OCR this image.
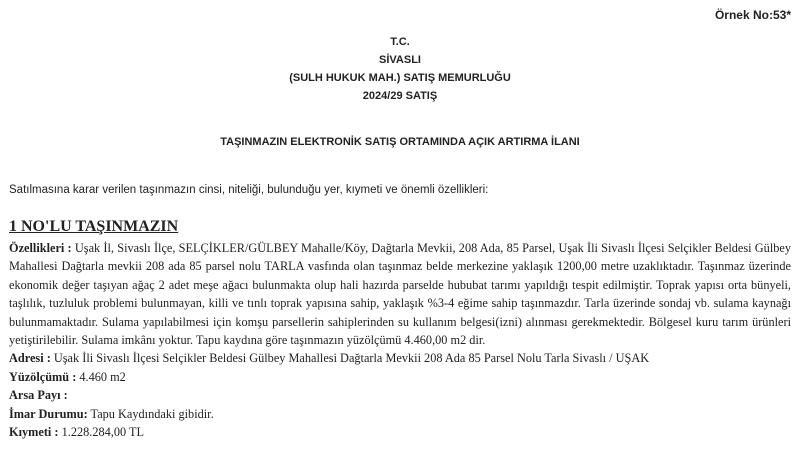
Örnek No:53*
T.C.
SİVASLI
(SULH HUKUK MAH.) SATIŞ MEMURLUĞU
2024/29 SATIŞ
TAŞINMAZIN ELEKTRONİK SATIŞ ORTAMINDA AÇIK ARTIRMA İLANI
Satılmasına karar verilen taşınmazın cinsi, niteliği, bulunduğu yer, kıymeti ve önemli özellikleri:
1 NO'LU TAŞINMAZIN
Özellikleri : Uşak İl, Sivaslı İlçe, SELÇİKLER/GÜLBEY Mahalle/Köy, Dağtarla Mevkii, 208 Ada, 85 Parsel, Uşak İli Sivaslı İlçesi Selçikler Beldesi Gülbey Mahallesi Dağtarla mevkii 208 ada 85 parsel nolu TARLA vasfında olan taşınmaz belde merkezine yaklaşık 1200,00 metre uzaklıktadır. Taşınmaz üzerinde ekonomik değer taşıyan ağaç 2 adet meşe ağacı bulunmakta olup hali hazırda parselde hububat tarımı yapıldığı tespit edilmiştir. Toprak yapısı orta bünyeli, taşlılık, tuzluluk problemi bulunmayan, killi ve tınlı toprak yapısına sahip, yaklaşık %3-4 eğime sahip taşınmazdır. Tarla üzerinde sondaj vb. sulama kaynağı bulunmamaktadır. Sulama yapılabilmesi için komşu parsellerin sahiplerinden su kullanım belgesi(izni) alınması gerekmektedir. Bölgesel kuru tarım ürünleri yetiştirilebilir. Sulama imkânı yoktur. Tapu kaydına göre taşınmazın yüzölçümü 4.460,00 m2 dir.
Adresi : Uşak İli Sivaslı İlçesi Selçikler Beldesi Gülbey Mahallesi Dağtarla Mevkii 208 Ada 85 Parsel Nolu Tarla Sivaslı / UŞAK
Yüzölçümü : 4.460 m2
Arsa Payı :
İmar Durumu: Tapu Kaydındaki gibidir.
Kıymeti : 1.228.284,00 TL
